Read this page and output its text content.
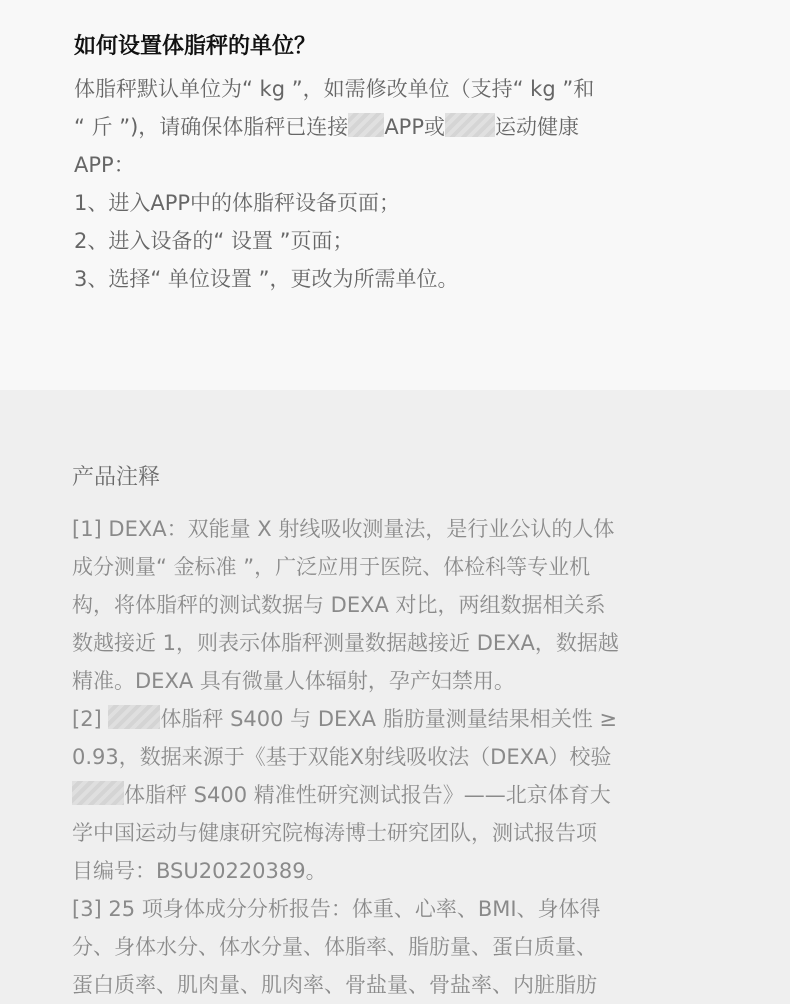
如何设置体脂秤的单位？
体脂秤默认单位为“ kg ”，如需修改单位（支持“ kg ”和
“ 斤 ”)，请确保体脂秤已连接 APP或 运动健康
APP：
1、进入APP中的体脂秤设备页面；
2、进入设备的“ 设置 ”页面；
3、选择“ 单位设置 ”，更改为所需单位。
产品注释
[1] DEXA：双能量 X 射线吸收测量法，是行业公认的人体
成分测量“ 金标准 ”，广泛应用于医院、体检科等专业机
构，将体脂秤的测试数据与 DEXA 对比，两组数据相关系
数越接近 1，则表示体脂秤测量数据越接近 DEXA，数据越
精准。DEXA 具有微量人体辐射，孕产妇禁用。
[2] 体脂秤 S400 与 DEXA 脂肪量测量结果相关性 ≥
0.93，数据来源于《基于双能X射线吸收法（DEXA）校验
体脂秤 S400 精准性研究测试报告》——北京体育大
学中国运动与健康研究院梅涛博士研究团队，测试报告项
目编号：BSU20220389。
[3] 25 项身体成分分析报告：体重、心率、BMI、身体得
分、身体水分、体水分量、体脂率、脂肪量、蛋白质量、
蛋白质率、肌肉量、肌肉率、骨盐量、骨盐率、内脏脂肪
